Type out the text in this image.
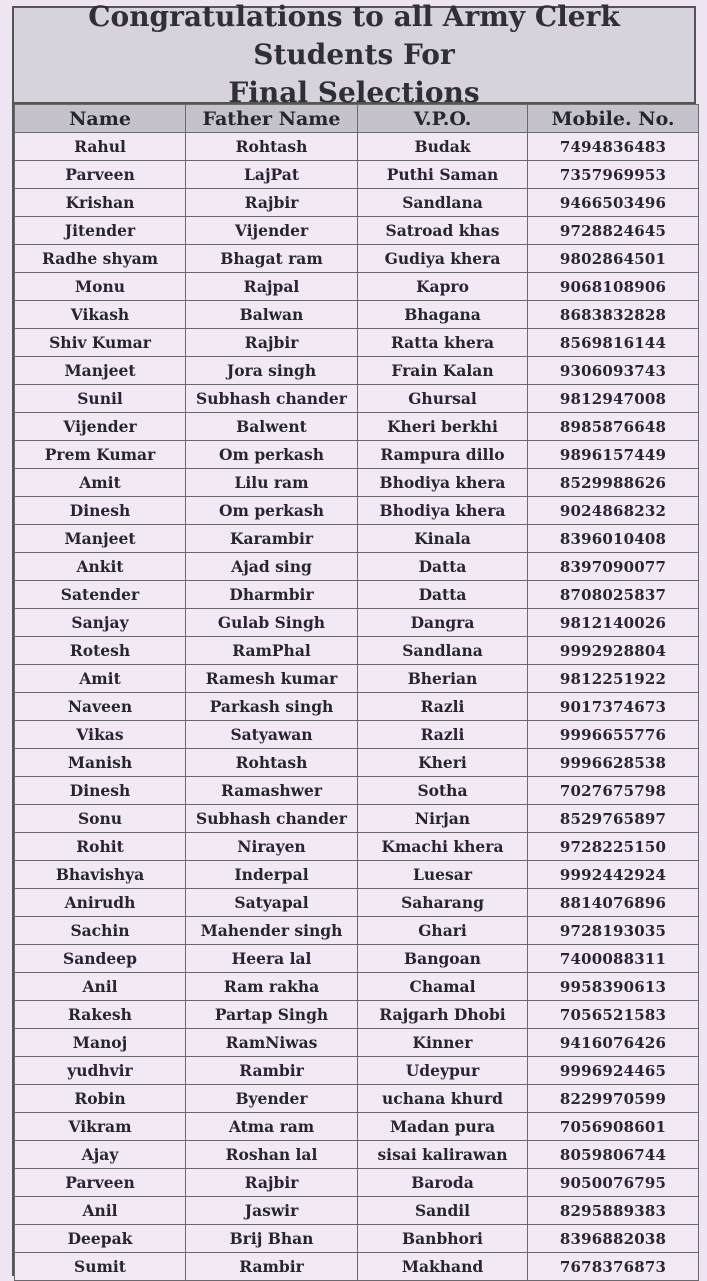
Congratulations to all Army Clerk Students For
Final Selections
Name	Father Name	V.P.O.	Mobile. No.
Rahul	Rohtash	Budak	7494836483
Parveen	LajPat	Puthi Saman	7357969953
Krishan	Rajbir	Sandlana	9466503496
Jitender	Vijender	Satroad khas	9728824645
Radhe shyam	Bhagat ram	Gudiya khera	9802864501
Monu	Rajpal	Kapro	9068108906
Vikash	Balwan	Bhagana	8683832828
Shiv Kumar	Rajbir	Ratta khera	8569816144
Manjeet	Jora singh	Frain Kalan	9306093743
Sunil	Subhash chander	Ghursal	9812947008
Vijender	Balwent	Kheri berkhi	8985876648
Prem Kumar	Om perkash	Rampura dillo	9896157449
Amit	Lilu ram	Bhodiya khera	8529988626
Dinesh	Om perkash	Bhodiya khera	9024868232
Manjeet	Karambir	Kinala	8396010408
Ankit	Ajad sing	Datta	8397090077
Satender	Dharmbir	Datta	8708025837
Sanjay	Gulab Singh	Dangra	9812140026
Rotesh	RamPhal	Sandlana	9992928804
Amit	Ramesh kumar	Bherian	9812251922
Naveen	Parkash singh	Razli	9017374673
Vikas	Satyawan	Razli	9996655776
Manish	Rohtash	Kheri	9996628538
Dinesh	Ramashwer	Sotha	7027675798
Sonu	Subhash chander	Nirjan	8529765897
Rohit	Nirayen	Kmachi khera	9728225150
Bhavishya	Inderpal	Luesar	9992442924
Anirudh	Satyapal	Saharang	8814076896
Sachin	Mahender singh	Ghari	9728193035
Sandeep	Heera lal	Bangoan	7400088311
Anil	Ram rakha	Chamal	9958390613
Rakesh	Partap Singh	Rajgarh Dhobi	7056521583
Manoj	RamNiwas	Kinner	9416076426
yudhvir	Rambir	Udeypur	9996924465
Robin	Byender	uchana khurd	8229970599
Vikram	Atma ram	Madan pura	7056908601
Ajay	Roshan lal	sisai kalirawan	8059806744
Parveen	Rajbir	Baroda	9050076795
Anil	Jaswir	Sandil	8295889383
Deepak	Brij Bhan	Banbhori	8396882038
Sumit	Rambir	Makhand	7678376873
